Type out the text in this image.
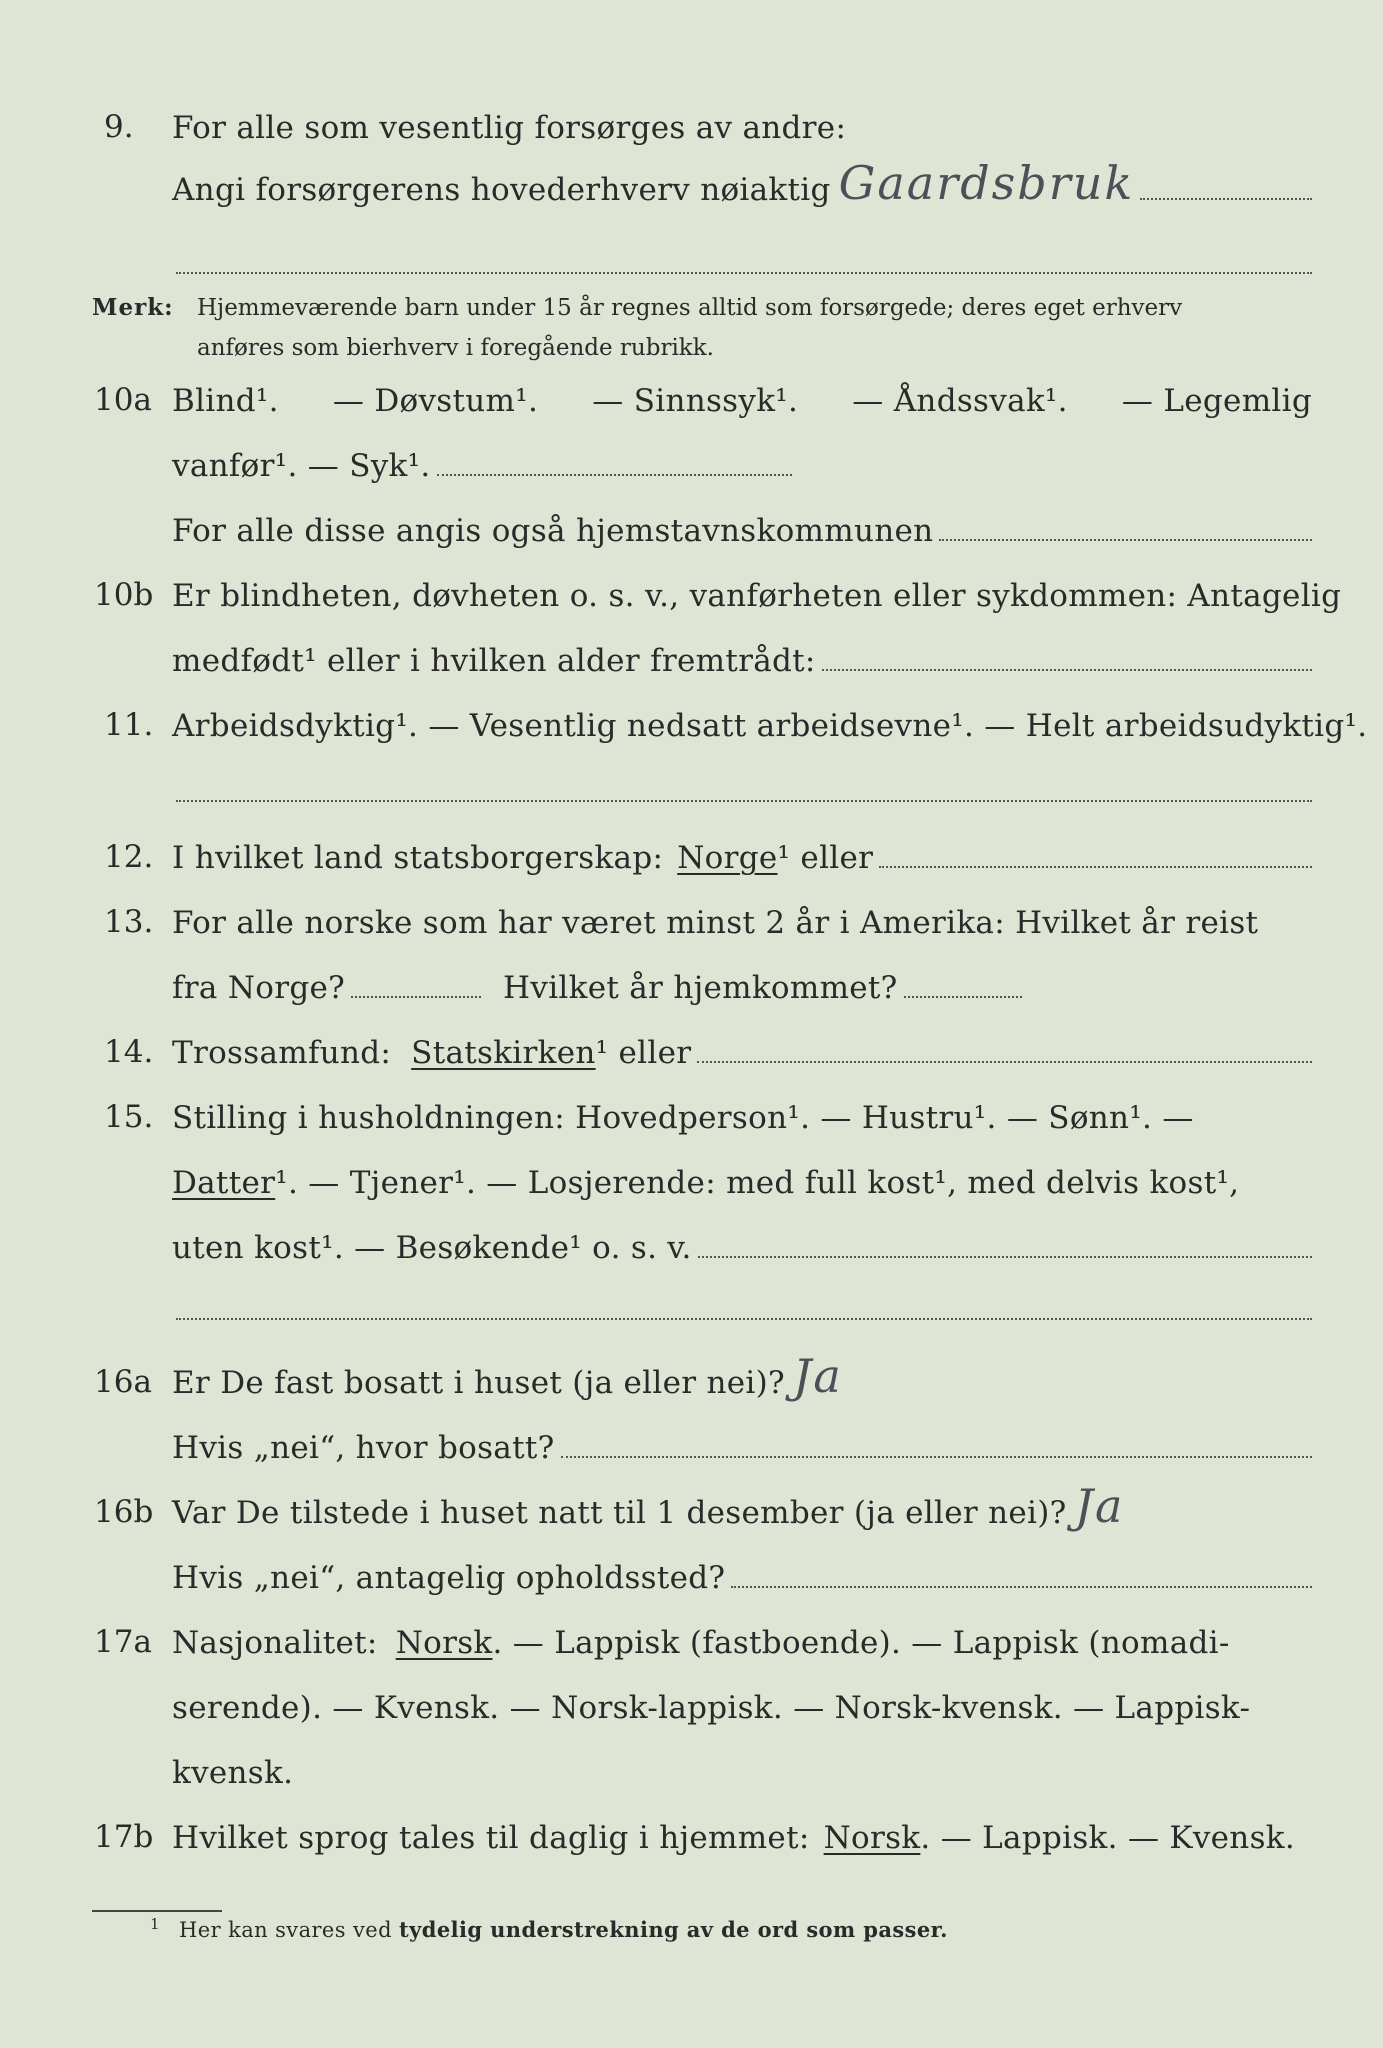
9.	For alle som vesentlig forsørges av andre:
Angi forsørgerens hovederhverv nøiaktig Gaardsbruk
Merk: Hjemmeværende barn under 15 år regnes alltid som forsørgede; deres eget erhverv
anføres som bierhverv i foregående rubrikk.
10a Blind¹. — Døvstum¹. — Sinnssyk¹. — Åndssvak¹. — Legemlig
vanfør¹. — Syk¹.
For alle disse angis også hjemstavnskommunen
10b Er blindheten, døvheten o. s. v., vanførheten eller sykdommen: Antagelig
medfødt¹ eller i hvilken alder fremtrådt:
11. Arbeidsdyktig¹. — Vesentlig nedsatt arbeidsevne¹. — Helt arbeidsudyktig¹.
12. I hvilket land statsborgerskap: Norge ¹ eller
13. For alle norske som har været minst 2 år i Amerika: Hvilket år reist
fra Norge?	Hvilket år hjemkommet?
14. Trossamfund: Statskirken ¹ eller
15. Stilling i husholdningen: Hovedperson¹. — Hustru¹. — Sønn¹. —
Datter ¹. — Tjener¹. — Losjerende: med full kost¹, med delvis kost¹,
uten kost¹. — Besøkende¹ o. s. v.
16a Er De fast bosatt i huset (ja eller nei)? Ja
Hvis „nei“, hvor bosatt?
16b Var De tilstede i huset natt til 1 desember (ja eller nei)? Ja
Hvis „nei“, antagelig opholdssted?
17a Nasjonalitet: Norsk . — Lappisk (fastboende). — Lappisk (nomadi-
serende). — Kvensk. — Norsk-lappisk. — Norsk-kvensk. — Lappisk-
kvensk.
17b Hvilket sprog tales til daglig i hjemmet: Norsk . — Lappisk. — Kvensk.
$^1$ Her kan svares ved tydelig understrekning av de ord som passer.
